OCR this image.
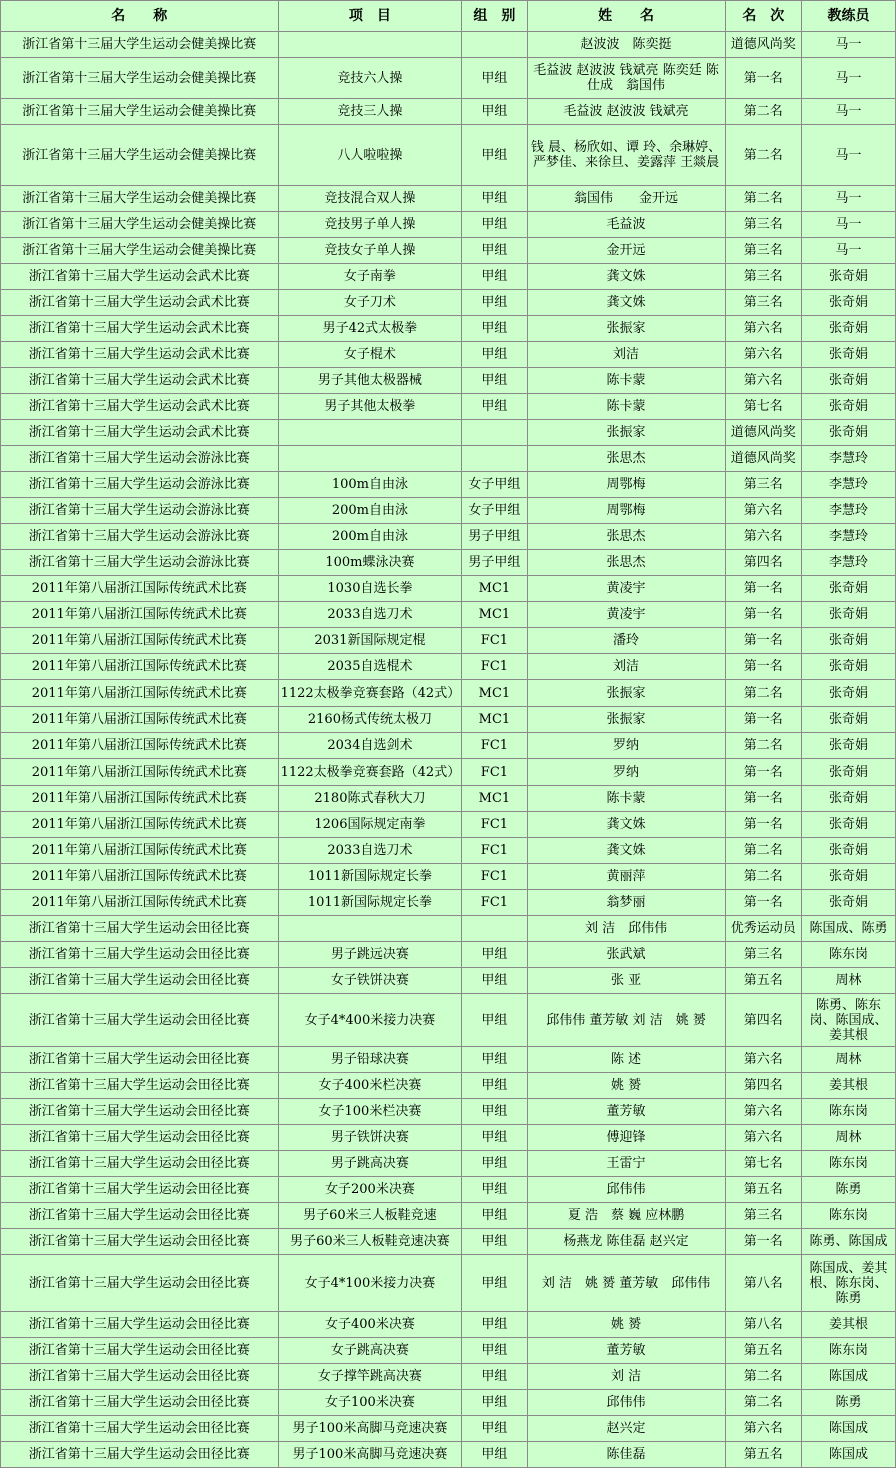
名　　称	项　目	组　别	姓　　名	名　次	教练员
浙江省第十三届大学生运动会健美操比赛			赵波波　陈奕挺	道德风尚奖	马一
浙江省第十三届大学生运动会健美操比赛	竞技六人操	甲组	毛益波 赵波波 钱斌亮 陈奕廷 陈仕成　翁国伟	第一名	马一
浙江省第十三届大学生运动会健美操比赛	竞技三人操	甲组	毛益波 赵波波 钱斌亮	第二名	马一
浙江省第十三届大学生运动会健美操比赛	八人啦啦操	甲组	钱 晨、杨欣如、谭 玲、余琳婷、严梦佳、来徐旦、姜露萍 王燚晨	第二名	马一
浙江省第十三届大学生运动会健美操比赛	竞技混合双人操	甲组	翁国伟　　金开远	第二名	马一
浙江省第十三届大学生运动会健美操比赛	竞技男子单人操	甲组	毛益波	第三名	马一
浙江省第十三届大学生运动会健美操比赛	竞技女子单人操	甲组	金开远	第三名	马一
浙江省第十三届大学生运动会武术比赛	女子南拳	甲组	龚文姝	第三名	张奇娟
浙江省第十三届大学生运动会武术比赛	女子刀术	甲组	龚文姝	第三名	张奇娟
浙江省第十三届大学生运动会武术比赛	男子42式太极拳	甲组	张振家	第六名	张奇娟
浙江省第十三届大学生运动会武术比赛	女子棍术	甲组	刘洁	第六名	张奇娟
浙江省第十三届大学生运动会武术比赛	男子其他太极器械	甲组	陈卡蒙	第六名	张奇娟
浙江省第十三届大学生运动会武术比赛	男子其他太极拳	甲组	陈卡蒙	第七名	张奇娟
浙江省第十三届大学生运动会武术比赛			张振家	道德风尚奖	张奇娟
浙江省第十三届大学生运动会游泳比赛			张思杰	道德风尚奖	李慧玲
浙江省第十三届大学生运动会游泳比赛	100m自由泳	女子甲组	周鄂梅	第三名	李慧玲
浙江省第十三届大学生运动会游泳比赛	200m自由泳	女子甲组	周鄂梅	第六名	李慧玲
浙江省第十三届大学生运动会游泳比赛	200m自由泳	男子甲组	张思杰	第六名	李慧玲
浙江省第十三届大学生运动会游泳比赛	100m蝶泳决赛	男子甲组	张思杰	第四名	李慧玲
2011年第八届浙江国际传统武术比赛	1030自选长拳	MC1	黄凌宇	第一名	张奇娟
2011年第八届浙江国际传统武术比赛	2033自选刀术	MC1	黄凌宇	第一名	张奇娟
2011年第八届浙江国际传统武术比赛	2031新国际规定棍	FC1	潘玲	第一名	张奇娟
2011年第八届浙江国际传统武术比赛	2035自选棍术	FC1	刘洁	第一名	张奇娟
2011年第八届浙江国际传统武术比赛	1122太极拳竞赛套路（42式）	MC1	张振家	第二名	张奇娟
2011年第八届浙江国际传统武术比赛	2160杨式传统太极刀	MC1	张振家	第一名	张奇娟
2011年第八届浙江国际传统武术比赛	2034自选剑术	FC1	罗纳	第二名	张奇娟
2011年第八届浙江国际传统武术比赛	1122太极拳竞赛套路（42式）	FC1	罗纳	第一名	张奇娟
2011年第八届浙江国际传统武术比赛	2180陈式春秋大刀	MC1	陈卡蒙	第一名	张奇娟
2011年第八届浙江国际传统武术比赛	1206国际规定南拳	FC1	龚文姝	第一名	张奇娟
2011年第八届浙江国际传统武术比赛	2033自选刀术	FC1	龚文姝	第二名	张奇娟
2011年第八届浙江国际传统武术比赛	1011新国际规定长拳	FC1	黄丽萍	第二名	张奇娟
2011年第八届浙江国际传统武术比赛	1011新国际规定长拳	FC1	翁梦丽	第一名	张奇娟
浙江省第十三届大学生运动会田径比赛			刘 洁　邱伟伟	优秀运动员	陈国成、陈勇
浙江省第十三届大学生运动会田径比赛	男子跳远决赛	甲组	张武斌	第三名	陈东岗
浙江省第十三届大学生运动会田径比赛	女子铁饼决赛	甲组	张 亚	第五名	周林
浙江省第十三届大学生运动会田径比赛	女子4*400米接力决赛	甲组	邱伟伟 董芳敏 刘 洁　姚 赟	第四名	陈勇、陈东岗、陈国成、姜其根
浙江省第十三届大学生运动会田径比赛	男子铅球决赛	甲组	陈 述	第六名	周林
浙江省第十三届大学生运动会田径比赛	女子400米栏决赛	甲组	姚 赟	第四名	姜其根
浙江省第十三届大学生运动会田径比赛	女子100米栏决赛	甲组	董芳敏	第六名	陈东岗
浙江省第十三届大学生运动会田径比赛	男子铁饼决赛	甲组	傅迎锋	第六名	周林
浙江省第十三届大学生运动会田径比赛	男子跳高决赛	甲组	王雷宁	第七名	陈东岗
浙江省第十三届大学生运动会田径比赛	女子200米决赛	甲组	邱伟伟	第五名	陈勇
浙江省第十三届大学生运动会田径比赛	男子60米三人板鞋竞速	甲组	夏 浩　蔡 巍 应林鹏	第三名	陈东岗
浙江省第十三届大学生运动会田径比赛	男子60米三人板鞋竞速决赛	甲组	杨燕龙 陈佳磊 赵兴定	第一名	陈勇、陈国成
浙江省第十三届大学生运动会田径比赛	女子4*100米接力决赛	甲组	刘 洁　姚 赟 董芳敏　邱伟伟	第八名	陈国成、姜其根、陈东岗、陈勇
浙江省第十三届大学生运动会田径比赛	女子400米决赛	甲组	姚 赟	第八名	姜其根
浙江省第十三届大学生运动会田径比赛	女子跳高决赛	甲组	董芳敏	第五名	陈东岗
浙江省第十三届大学生运动会田径比赛	女子撑竿跳高决赛	甲组	刘 洁	第二名	陈国成
浙江省第十三届大学生运动会田径比赛	女子100米决赛	甲组	邱伟伟	第二名	陈勇
浙江省第十三届大学生运动会田径比赛	男子100米高脚马竞速决赛	甲组	赵兴定	第六名	陈国成
浙江省第十三届大学生运动会田径比赛	男子100米高脚马竞速决赛	甲组	陈佳磊	第五名	陈国成
